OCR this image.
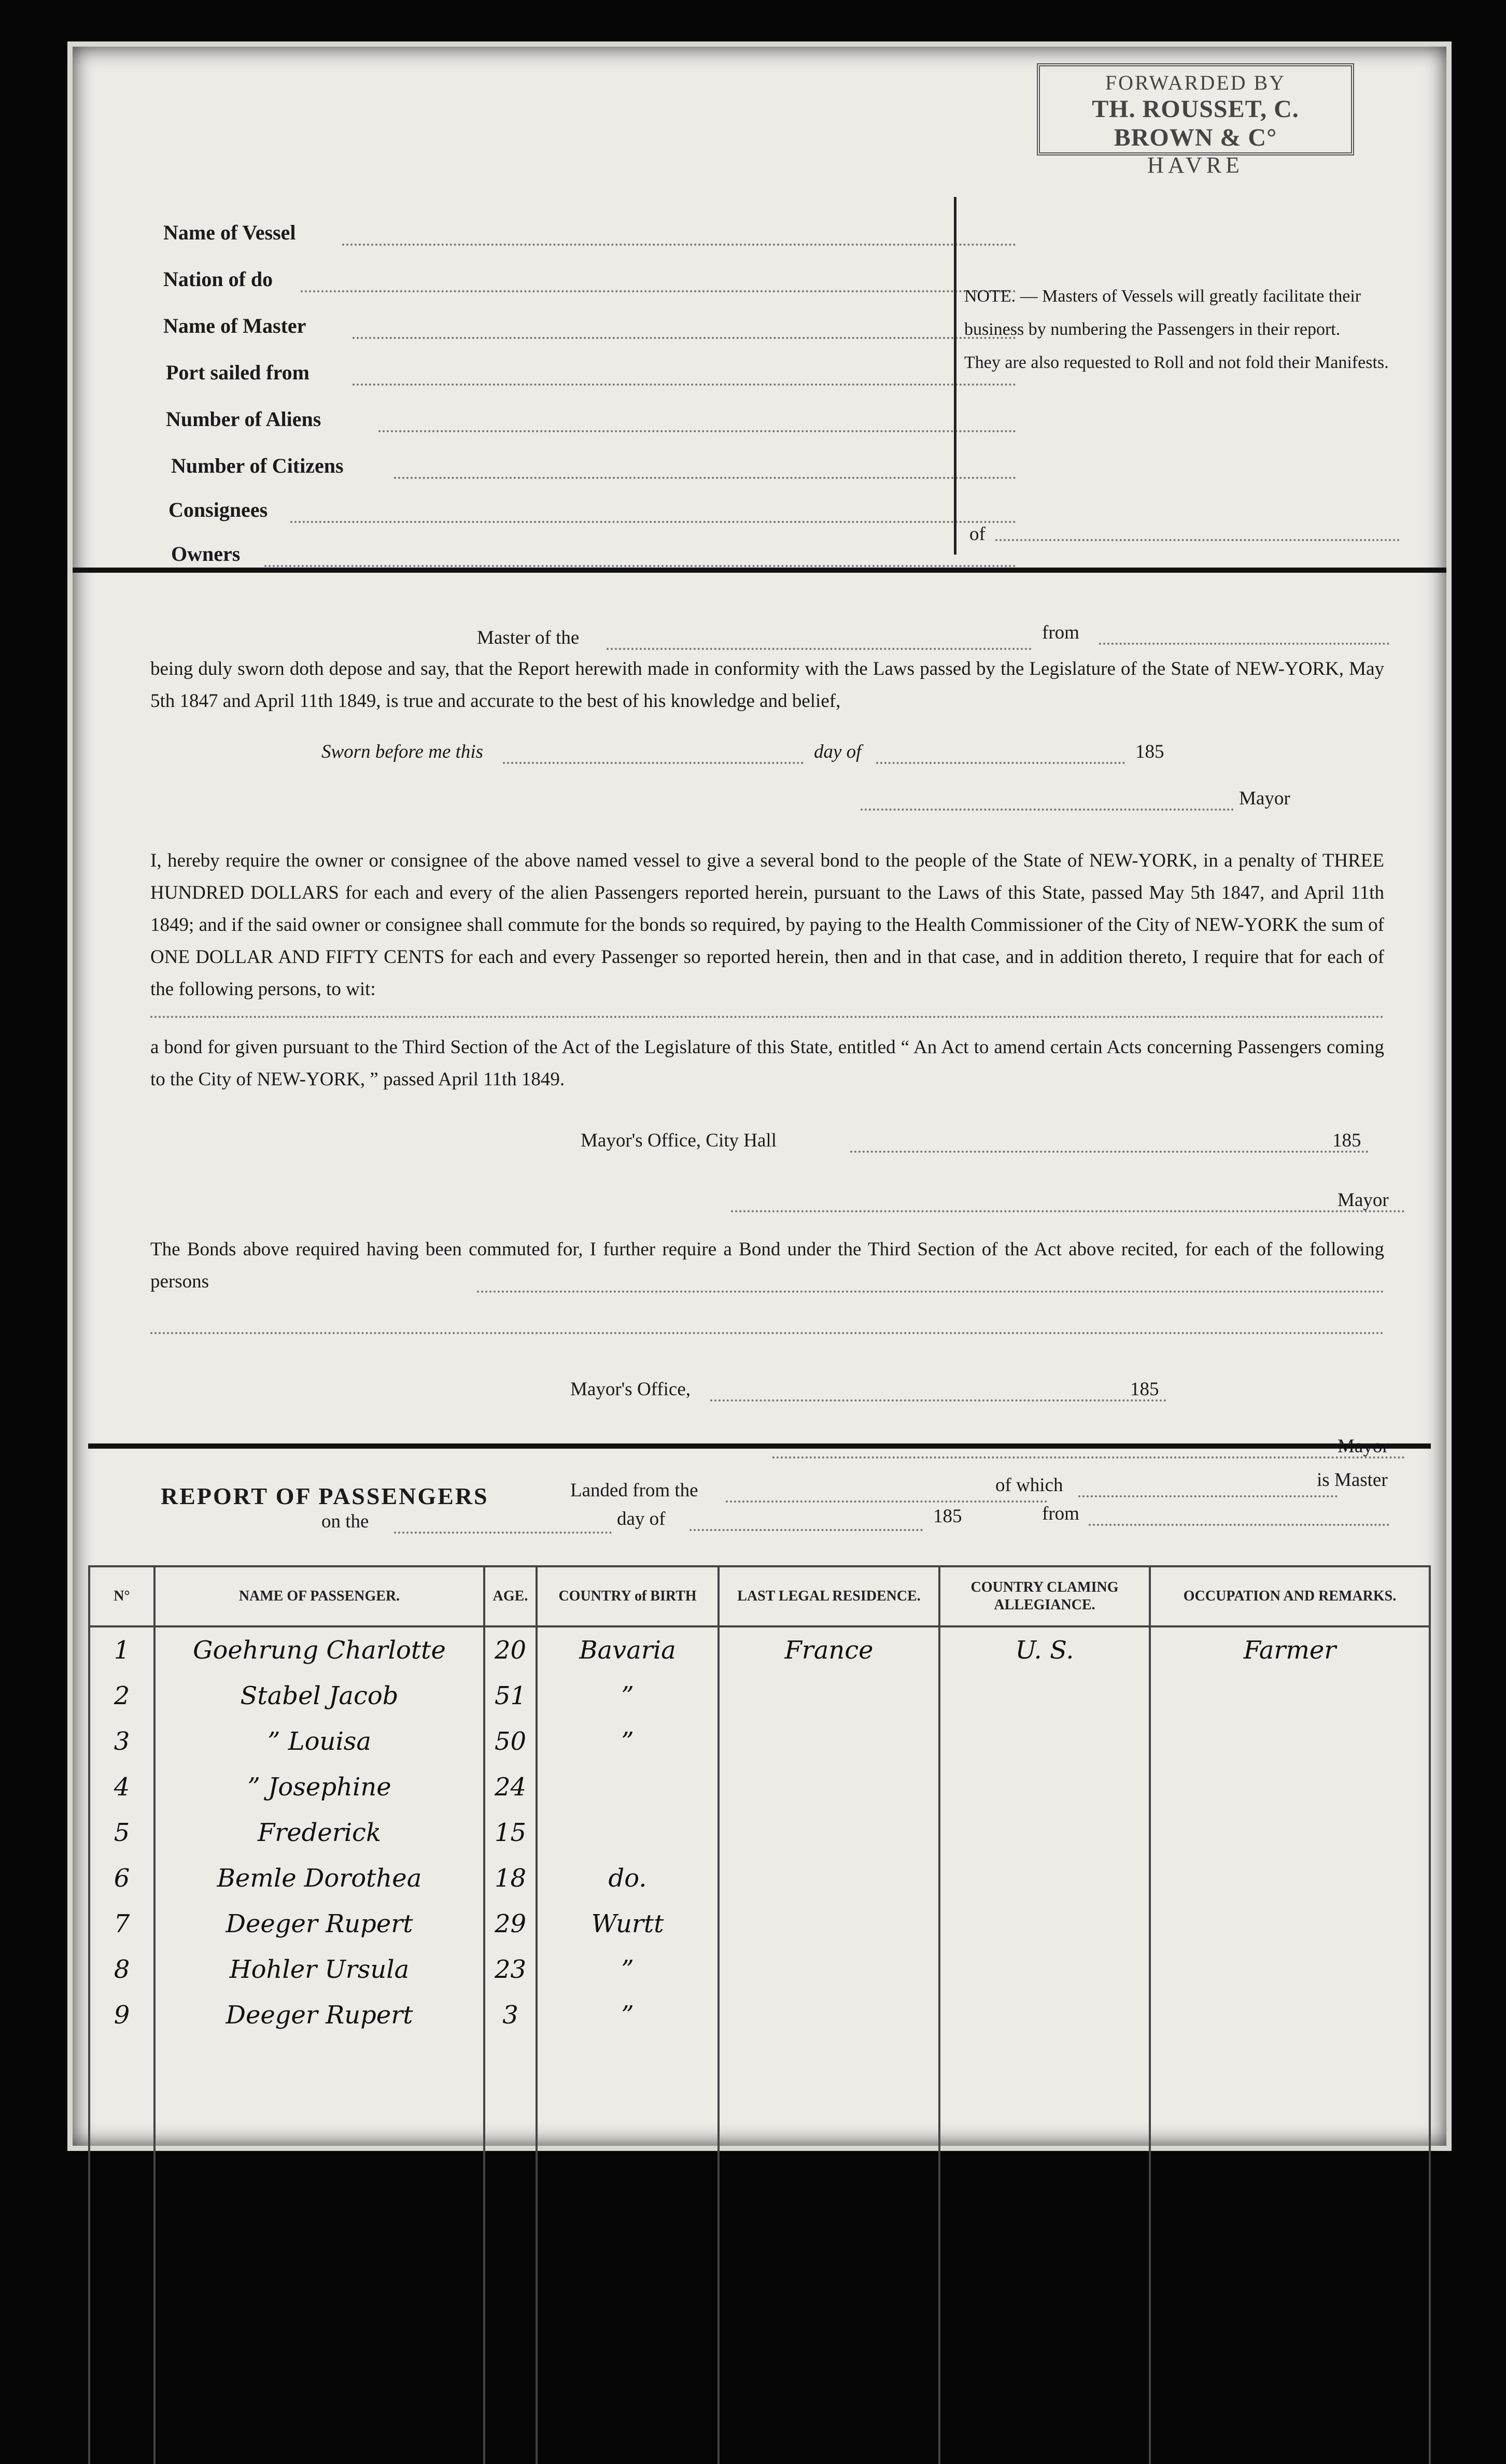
FORWARDED BY
TH. ROUSSET, C. BROWN & C°
HAVRE
Name of Vessel
Nation of do
Name of Master
Port sailed from
Number of Aliens
Number of Citizens
Consignees
Owners
NOTE. — Masters of Vessels will greatly facilitate their business by numbering the Passengers in their report.
They are also requested to Roll and not fold their Manifests.
of
Master of the	from
being duly sworn doth depose and say, that the Report herewith made in conformity with the Laws passed by the Legislature of the State of NEW-YORK, May 5th 1847 and April 11th 1849, is true and accurate to the best of his knowledge and belief,
Sworn before me this	day of	185
Mayor
I, hereby require the owner or consignee of the above named vessel to give a several bond to the people of the State of NEW-YORK, in a penalty of THREE HUNDRED DOLLARS for each and every of the alien Passengers reported herein, pursuant to the Laws of this State, passed May 5th 1847, and April 11th 1849; and if the said owner or consignee shall commute for the bonds so required, by paying to the Health Commissioner of the City of NEW-YORK the sum of ONE DOLLAR AND FIFTY CENTS for each and every Passenger so reported herein, then and in that case, and in addition thereto, I require that for each of the following persons, to wit:
a bond for given pursuant to the Third Section of the Act of the Legislature of this State, entitled “ An Act to amend certain Acts concerning Passengers coming to the City of NEW-YORK, ” passed April 11th 1849.
Mayor's Office, City Hall	185
Mayor
The Bonds above required having been commuted for, I further require a Bond under the Third Section of the Act above recited, for each of the following persons
Mayor's Office,	185
Mayor
REPORT OF PASSENGERS	Landed from the	of which	is Master
on the	day of	185	from
N°	NAME OF PASSENGER.	AGE.	COUNTRY of BIRTH	LAST LEGAL RESIDENCE.	COUNTRY CLAMING ALLEGIANCE.	OCCUPATION AND REMARKS.
1	Goehrung Charlotte	20	Bavaria	France	U. S.	Farmer
2	Stabel Jacob	51	”			
3	” Louisa	50	”			
4	” Josephine	24				
5	Frederick	15				
6	Bemle Dorothea	18	do.			
7	Deeger Rupert	29	Wurtt			
8	Hohler Ursula	23	”			
9	Deeger Rupert	3	”			
